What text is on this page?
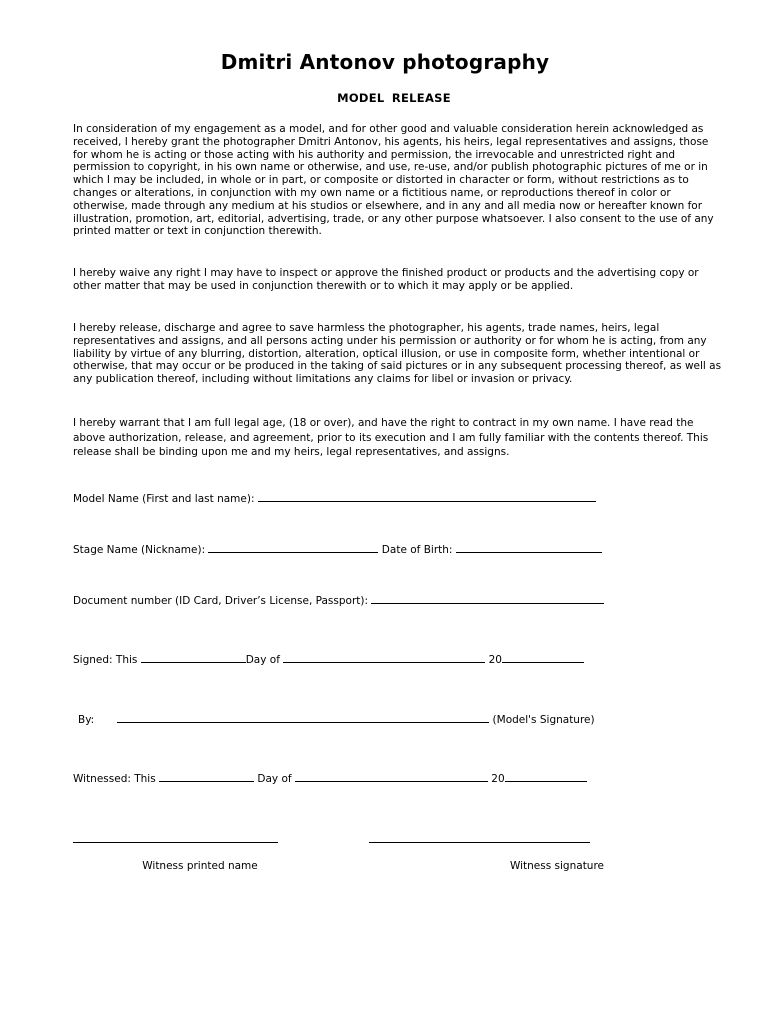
Dmitri Antonov photography
MODEL RELEASE

In consideration of my engagement as a model, and for other good and valuable consideration herein acknowledged as received, I hereby grant the photographer Dmitri Antonov, his agents, his heirs, legal representatives and assigns, those for whom he is acting or those acting with his authority and permission, the irrevocable and unrestricted right and permission to copyright, in his own name or otherwise, and use, re-use, and/or publish photographic pictures of me or in which I may be included, in whole or in part, or composite or distorted in character or form, without restrictions as to changes or alterations, in conjunction with my own name or a fictitious name, or reproductions thereof in color or otherwise, made through any medium at his studios or elsewhere, and in any and all media now or hereafter known for illustration, promotion, art, editorial, advertising, trade, or any other purpose whatsoever. I also consent to the use of any printed matter or text in conjunction therewith.

I hereby waive any right I may have to inspect or approve the finished product or products and the advertising copy or other matter that may be used in conjunction therewith or to which it may apply or be applied.

I hereby release, discharge and agree to save harmless the photographer, his agents, trade names, heirs, legal representatives and assigns, and all persons acting under his permission or authority or for whom he is acting, from any liability by virtue of any blurring, distortion, alteration, optical illusion, or use in composite form, whether intentional or otherwise, that may occur or be produced in the taking of said pictures or in any subsequent processing thereof, as well as any publication thereof, including without limitations any claims for libel or invasion or privacy.

I hereby warrant that I am full legal age, (18 or over), and have the right to contract in my own name. I have read the above authorization, release, and agreement, prior to its execution and I am fully familiar with the contents thereof. This release shall be binding upon me and my heirs, legal representatives, and assigns.

Model Name (First and last name):
Stage Name (Nickname):	Date of Birth:
Document number (ID Card, Driver’s License, Passport):
Signed: This	Day of	20
By:	(Model's Signature)
Witnessed: This	Day of	20
Witness printed name	Witness signature
